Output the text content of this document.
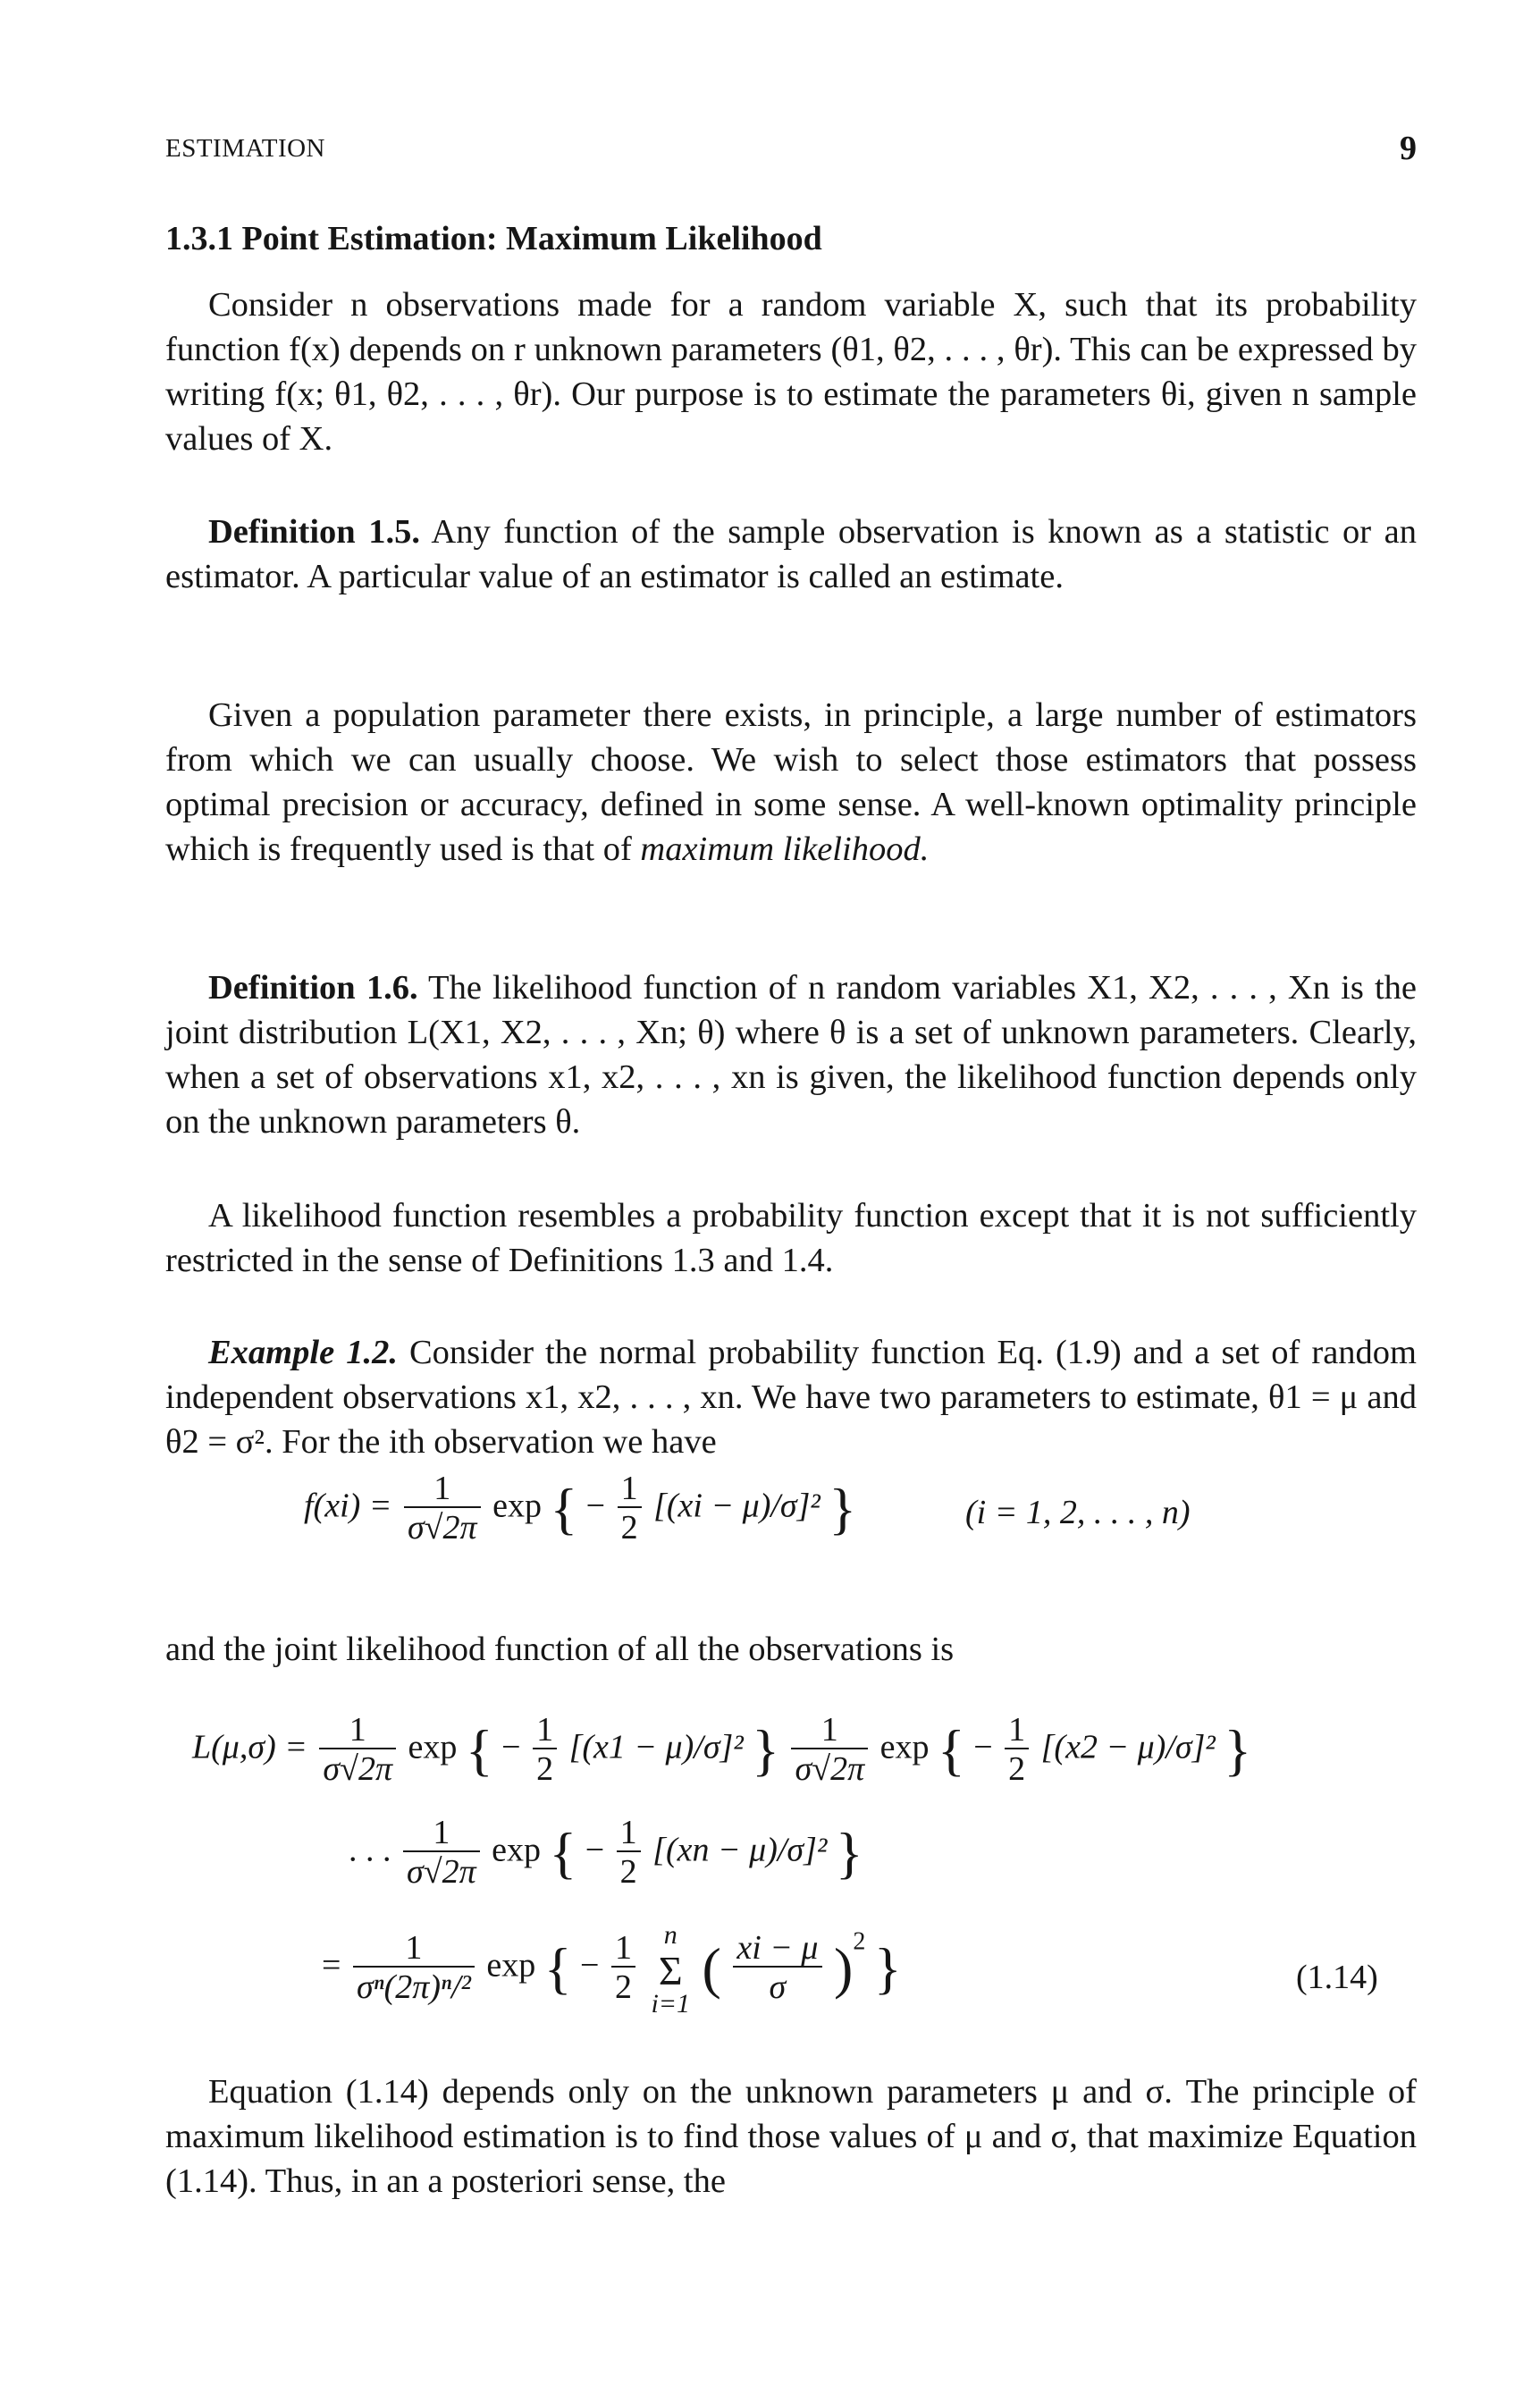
ESTIMATION	9
1.3.1 Point Estimation: Maximum Likelihood

Consider n observations made for a random variable X, such that its probability function f(x) depends on r unknown parameters (θ1, θ2, . . . , θr). This can be expressed by writing f(x; θ1, θ2, . . . , θr). Our purpose is to estimate the parameters θi, given n sample values of X.

Definition 1.5. Any function of the sample observation is known as a statistic or an estimator. A particular value of an estimator is called an estimate.

Given a population parameter there exists, in principle, a large number of estimators from which we can usually choose. We wish to select those estimators that possess optimal precision or accuracy, defined in some sense. A well-known optimality principle which is frequently used is that of maximum likelihood.

Definition 1.6. The likelihood function of n random variables X1, X2, . . . , Xn is the joint distribution L(X1, X2, . . . , Xn; θ) where θ is a set of unknown parameters. Clearly, when a set of observations x1, x2, . . . , xn is given, the likelihood function depends only on the unknown parameters θ.

A likelihood function resembles a probability function except that it is not sufficiently restricted in the sense of Definitions 1.3 and 1.4.

Example 1.2. Consider the normal probability function Eq. (1.9) and a set of random independent observations x1, x2, . . . , xn. We have two parameters to estimate, θ1 = μ and θ2 = σ². For the ith observation we have

$f(xi) = \frac{1}{\sigma√2\pi}$ exp { − $\frac{1}{2} [(xi - \mu)/\sigma]^2$ }	(i = 1, 2, . . . , n)

and the joint likelihood function of all the observations is

$L(\mu,\sigma) = \frac{1}{\sigma√2\pi}$ exp { − $\frac{1}{2} [(x1 - \mu)/\sigma]^2$ } $\frac{1}{\sigma√2\pi}$ exp { − $\frac{1}{2} [(x2 - \mu)/\sigma]^2$ }
. . . $\frac{1}{\sigma√2\pi}$ exp { − $\frac{1}{2} [(xn - \mu)/\sigma]^2$ }
= $\frac{1}{\text{σⁿ(2π)ⁿ/²}}$ exp { − $\frac{1}{2}$
	n
Σ
i=1
( $\frac{xi - \mu}{\sigma} )^2$ }	(1.14)

Equation (1.14) depends only on the unknown parameters μ and σ. The principle of maximum likelihood estimation is to find those values of μ and σ, that maximize Equation (1.14). Thus, in an a posteriori sense, the
